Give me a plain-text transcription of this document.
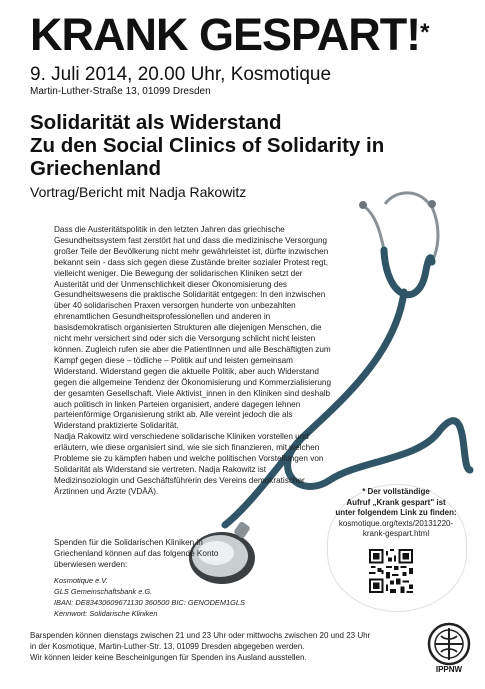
KRANK GESPART!*
9. Juli 2014, 20.00 Uhr, Kosmotique
Martin-Luther-Straße 13, 01099 Dresden
Solidarität als Widerstand
Zu den Social Clinics of Solidarity in
Griechenland
Vortrag/Bericht mit Nadja Rakowitz

Dass die Austeritätspolitik in den letzten Jahren das griechische Gesundheitssystem fast zerstört hat und dass die medizinische Versorgung großer Teile der Bevölkerung nicht mehr gewährleistet ist, dürfte inzwischen bekannt sein - dass sich gegen diese Zustände breiter sozialer Protest regt, vielleicht weniger. Die Bewegung der solidarischen Kliniken setzt der Austerität und der Unmenschlichkeit dieser Ökonomisierung des Gesundheitswesens die praktische Solidarität entgegen: In den inzwischen über 40 solidarischen Praxen versorgen hunderte von unbezahlten ehrenamtlichen Gesundheitsprofessionellen und anderen in basisdemokratisch organisierten Strukturen alle diejenigen Menschen, die nicht mehr versichert sind oder sich die Versorgung schlicht nicht leisten können. Zugleich rufen sie aber die PatientInnen und alle Beschäftigten zum Kampf gegen diese – tödliche – Politik auf und leisten gemeinsam Widerstand. Widerstand gegen die aktuelle Politik, aber auch Widerstand gegen die allgemeine Tendenz der Ökonomisierung und Kommerzialisierung der gesamten Gesellschaft. Viele Aktivist_innen in den Kliniken sind deshalb auch politisch in linken Parteien organisiert, andere dagegen lehnen parteienförmige Organisierung strikt ab. Alle vereint jedoch die als Widerstand praktizierte Solidarität.

Nadja Rakowitz wird verschiedene solidarische Kliniken vorstellen und erläutern, wie diese organisiert sind, wie sie sich finanzieren, mit welchen Probleme sie zu kämpfen haben und welche politischen Vorstellungen von Solidarität als Widerstand sie vertreten. Nadja Rakowitz ist Medizinsoziologin und Geschäftsführerin des Vereins demokratischer Ärztinnen und Ärzte (VDÄÄ).

Spenden für die Solidarischen Kliniken in Griechenland können auf das folgende Konto überwiesen werden:
Kosmotique e.V.
GLS Gemeinschaftsbank e.G.
IBAN: DE83430609671130 360500 BIC: GENODEM1GLS
Kennwort: Solidarische Kliniken
* Der vollständige
Aufruf „Krank gespart" ist
unter folgendem Link zu finden:
kosmotique.org/texts/20131220-
krank-gespart.html
Barspenden können dienstags zwischen 21 und 23 Uhr oder mittwochs zwischen 20 und 23 Uhr
in der Kosmotique, Martin-Luther-Str. 13, 01099 Dresden abgegeben werden.
Wir können leider keine Bescheinigungen für Spenden ins Ausland ausstellen.
IPPNW
